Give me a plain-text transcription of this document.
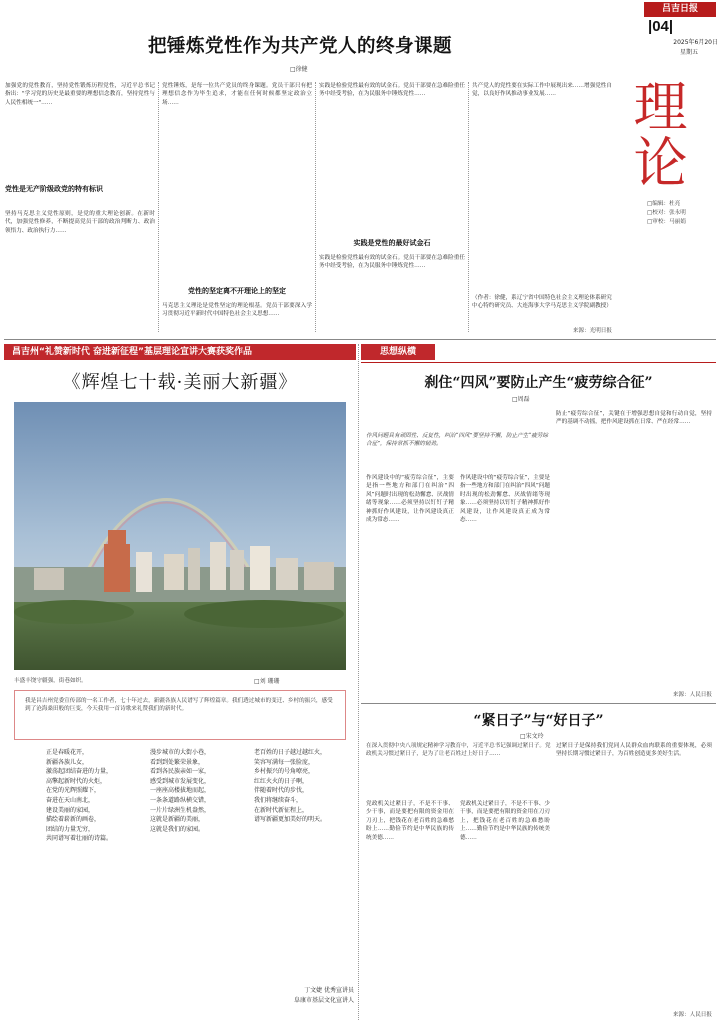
吕吉日报
|04|
2025年6月20日
星期五
理论
□编辑：杜亮
□校对：张永明
□审校：马丽娟
把锤炼党性作为共产党人的终身课题
□徐健
加强党的党性教育，坚持党性锻炼历程党性，习近平总书记指出："学习党的历史是最重要的理想信念教育，坚持党性与人民性相统一"……
党性是无产阶级政党的特有标识
坚持马克思主义党性原则，是党的重大理论创新。在新时代，加强党性修养，不断提高党员干部的政治判断力、政治领悟力、政治执行力……
党性锤炼，是每一位共产党员的终身课题。党员干部只有把理想信念作为毕生追求，才能在任何时候都坚定政治立场……
党性的坚定离不开理论上的坚定
马克思主义理论是党性坚定的理论根基。党员干部要深入学习贯彻习近平新时代中国特色社会主义思想……
实践是检验党性最有效的试金石。党员干部要在急难险重任务中经受考验，在为民服务中锤炼党性……
实践是党性的最好试金石
实践是检验党性最有效的试金石。党员干部要在急难险重任务中经受考验，在为民服务中锤炼党性……
共产党人的党性要在实际工作中展现出来……增强党性自觉，以良好作风推动事业发展……
（作者：徐健，系辽宁省中国特色社会主义理论体系研究中心特约研究员、大连海事大学马克思主义学院副教授）
来源：光明日报
昌吉州“礼赞新时代 奋进新征程”基层理论宣讲大赛获奖作品	思想纵横
《辉煌七十载·美丽大新疆》
丰盛丰饶守疆强，街巷如织。	□刘 珊珊
我是昌吉州党委宣传部的一名工作者，七十年过去，新疆各族人民谱写了辉煌篇章。我们透过城市的变迁、乡村的振兴，感受到了沧海桑田般的巨变，今天我用一首诗歌来礼赞我们的新时代。
正是春暖花开，
新疆各族儿女，
激荡起团结奋进的力量，
高擎起新时代的火炬，
在党的光辉照耀下，
奋进在天山南北，
建设美丽的家园，
描绘着崭新的画卷，
团结的力量无穷，
共同谱写着壮丽的诗篇。
漫步城市的大街小巷，
看到到处繁荣景象，
看到各民族亲如一家，
感受到城市发展变化，
一座座高楼拔地而起，
一条条道路纵横交错，
一片片绿洲生机盎然，
这就是新疆的美丽，
这就是我们的家园。
老百姓的日子越过越红火，
笑容写满每一张脸庞，
乡村振兴的号角嘹亮，
红红火火的日子啊，
伴随着时代的步伐，
我们将继续奋斗，
在新时代新征程上，
谱写新疆更加美好的明天。
丁文婕 优秀宣讲员
阜康市基层文化宣讲人
刹住“四风”要防止产生“疲劳综合征”
□周磊
作风问题具有顽固性、反复性，纠治“四风”要坚持不懈，防止产生“疲劳综合征”，保持常抓不懈的韧劲。
作风建设中的“疲劳综合征”，主要是指一些地方和部门在纠治“四风”问题时出现的松劲懈怠、厌战情绪等现象……必须坚持以钉钉子精神抓好作风建设，让作风建设真正成为常态……
作风建设中的“疲劳综合征”，主要是指一些地方和部门在纠治“四风”问题时出现的松劲懈怠、厌战情绪等现象……必须坚持以钉钉子精神抓好作风建设，让作风建设真正成为常态……
防止“疲劳综合征”，关键在于增强思想自觉和行动自觉，坚持严的基调不动摇，把作风建设抓在日常、严在经常……
来源：人民日报
“紧日子”与“好日子”
□宋文玲
在深入贯彻中央八项规定精神学习教育中，习近平总书记强调过紧日子。党政机关习惯过紧日子，是为了让老百姓过上好日子……
党政机关过紧日子，不是不干事、少干事，而是要把有限的资金用在刀刃上，把钱花在老百姓的急难愁盼上……勤俭节约是中华民族的传统美德……
党政机关过紧日子，不是不干事、少干事，而是要把有限的资金用在刀刃上，把钱花在老百姓的急难愁盼上……勤俭节约是中华民族的传统美德……
过紧日子是保持我们党同人民群众血肉联系的重要体现，必须坚持长期习惯过紧日子，为百姓创造更多美好生活。
来源：人民日报
